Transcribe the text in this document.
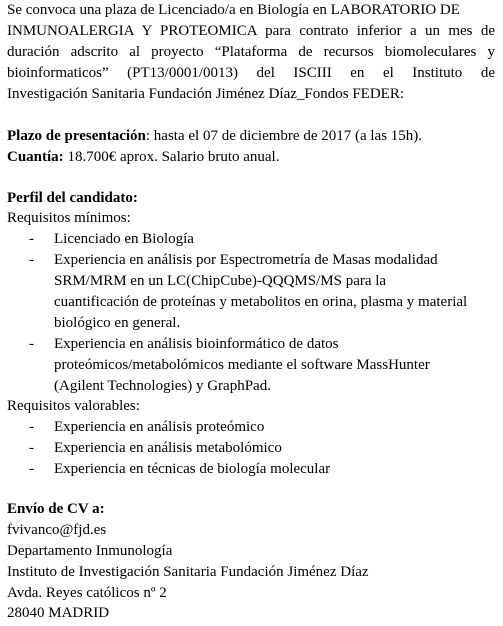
Se convoca una plaza de Licenciado/a en Biología en LABORATORIO DE
INMUNOALERGIA Y PROTEOMICA para contrato inferior a un mes de
duración adscrito al proyecto “Plataforma de recursos biomoleculares y
bioinformaticos” (PT13/0001/0013) del ISCIII en el Instituto de
Investigación Sanitaria Fundación Jiménez Díaz_Fondos FEDER:
Plazo de presentación: hasta el 07 de diciembre de 2017 (a las 15h).
Cuantía: 18.700€ aprox. Salario bruto anual.
Perfil del candidato:
Requisitos mínimos:
- Licenciado en Biología
- Experiencia en análisis por Espectrometría de Masas modalidad
SRM/MRM en un LC(ChipCube)-QQQMS/MS para la
cuantificación de proteínas y metabolitos en orina, plasma y material
biológico en general.
- Experiencia en análisis bioinformático de datos
proteómicos/metabolómicos mediante el software MassHunter
(Agilent Technologies) y GraphPad.
Requisitos valorables:
- Experiencia en análisis proteómico
- Experiencia en análisis metabolómico
- Experiencia en técnicas de biología molecular
Envío de CV a:
fvivanco@fjd.es
Departamento Inmunología
Instituto de Investigación Sanitaria Fundación Jiménez Díaz
Avda. Reyes católicos nº 2
28040 MADRID
